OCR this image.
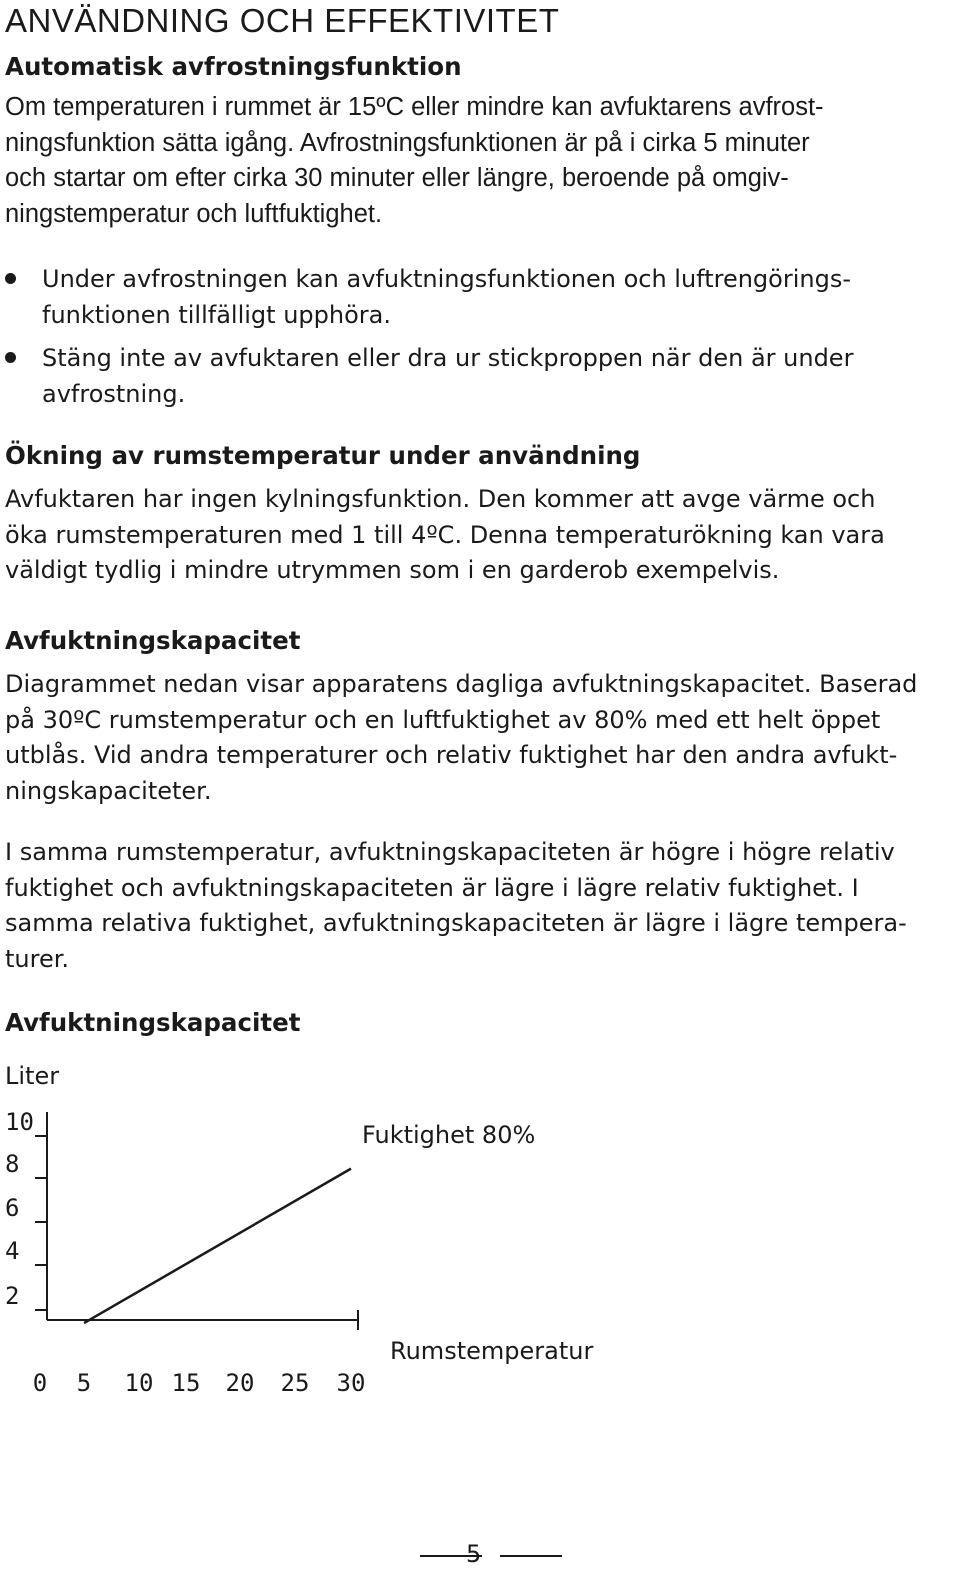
ANVÄNDNING OCH EFFEKTIVITET
Automatisk avfrostningsfunktion
Om temperaturen i rummet är 15ºC eller mindre kan avfuktarens avfrost-
ningsfunktion sätta igång. Avfrostningsfunktionen är på i cirka 5 minuter
och startar om efter cirka 30 minuter eller längre, beroende på omgiv-
ningstemperatur och luftfuktighet.
Under avfrostningen kan avfuktningsfunktionen och luftrengörings-
funktionen tillfälligt upphöra.
Stäng inte av avfuktaren eller dra ur stickproppen när den är under
avfrostning.
Ökning av rumstemperatur under användning
Avfuktaren har ingen kylningsfunktion. Den kommer att avge värme och
öka rumstemperaturen med 1 till 4ºC. Denna temperaturökning kan vara
väldigt tydlig i mindre utrymmen som i en garderob exempelvis.
Avfuktningskapacitet
Diagrammet nedan visar apparatens dagliga avfuktningskapacitet. Baserad
på 30ºC rumstemperatur och en luftfuktighet av 80% med ett helt öppet
utblås. Vid andra temperaturer och relativ fuktighet har den andra avfukt-
ningskapaciteter.
I samma rumstemperatur, avfuktningskapaciteten är högre i högre relativ
fuktighet och avfuktningskapaciteten är lägre i lägre relativ fuktighet. I
samma relativa fuktighet, avfuktningskapaciteten är lägre i lägre tempera-
turer.
Avfuktningskapacitet
Liter
Fuktighet 80%
Rumstemperatur
2
4
6
8
10
0 5 10 15 20 25 30
5
